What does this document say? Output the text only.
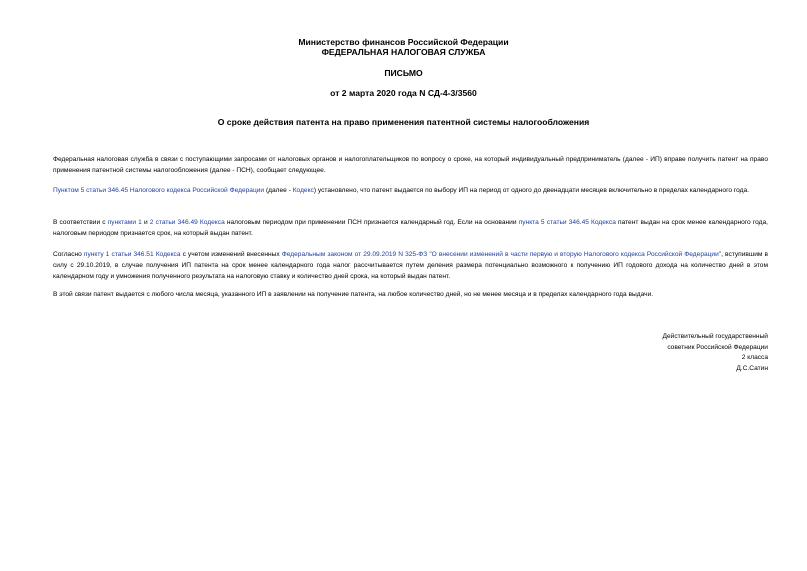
Министерство финансов Российской Федерации
ФЕДЕРАЛЬНАЯ НАЛОГОВАЯ СЛУЖБА
ПИСЬМО
от 2 марта 2020 года N СД-4-3/3560
О сроке действия патента на право применения патентной системы налогообложения
Федеральная налоговая служба в связи с поступающими запросами от налоговых органов и налогоплательщиков по вопросу о сроке, на который индивидуальный предприниматель (далее - ИП) вправе получить патент на право применения патентной системы налогообложения (далее - ПСН), сообщает следующее.
Пунктом 5 статьи 346.45 Налогового кодекса Российской Федерации (далее - Кодекс) установлено, что патент выдается по выбору ИП на период от одного до двенадцати месяцев включительно в пределах календарного года.
В соответствии с пунктами 1 и 2 статьи 346.49 Кодекса налоговым периодом при применении ПСН признается календарный год. Если на основании пункта 5 статьи 346.45 Кодекса патент выдан на срок менее календарного года, налоговым периодом признается срок, на который выдан патент.
Согласно пункту 1 статьи 346.51 Кодекса с учетом изменений внесенных Федеральным законом от 29.09.2019 N 325-ФЗ "О внесении изменений в части первую и вторую Налогового кодекса Российской Федерации", вступившим в силу с 29.10.2019, в случае получения ИП патента на срок менее календарного года налог рассчитывается путем деления размера потенциально возможного к получению ИП годового дохода на количество дней в этом календарном году и умножения полученного результата на налоговую ставку и количество дней срока, на который выдан патент.
В этой связи патент выдается с любого числа месяца, указанного ИП в заявлении на получение патента, на любое количество дней, но не менее месяца и в пределах календарного года выдачи.
Действительный государственный
советник Российской Федерации
2 класса
Д.С.Сатин
